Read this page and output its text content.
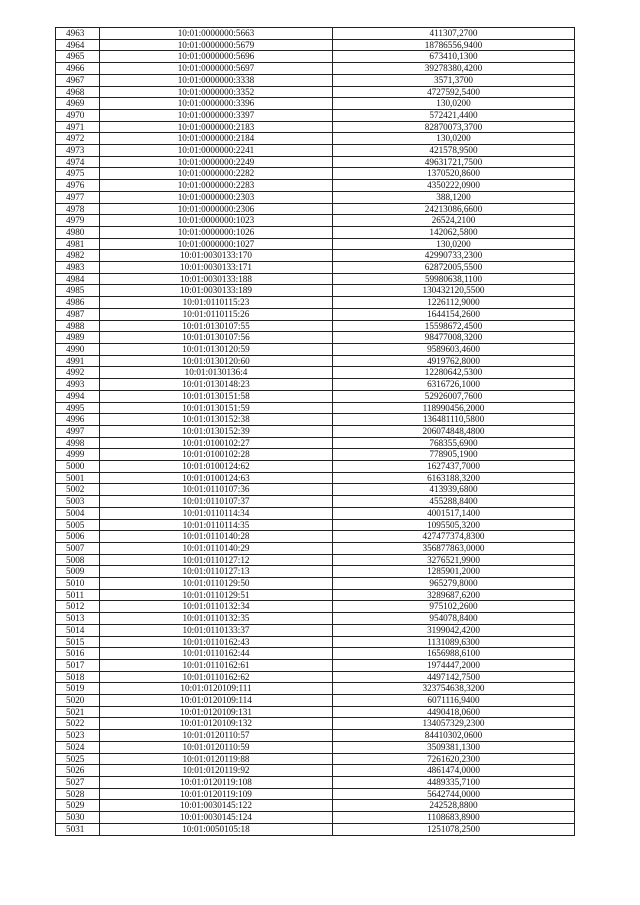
4963	10:01:0000000:5663	411307,2700
4964	10:01:0000000:5679	18786556,9400
4965	10:01:0000000:5696	673410,1300
4966	10:01:0000000:5697	39278380,4200
4967	10:01:0000000:3338	3571,3700
4968	10:01:0000000:3352	4727592,5400
4969	10:01:0000000:3396	130,0200
4970	10:01:0000000:3397	572421,4400
4971	10:01:0000000:2183	82870073,3700
4972	10:01:0000000:2184	130,0200
4973	10:01:0000000:2241	421578,9500
4974	10:01:0000000:2249	49631721,7500
4975	10:01:0000000:2282	1370520,8600
4976	10:01:0000000:2283	4350222,0900
4977	10:01:0000000:2303	388,1200
4978	10:01:0000000:2306	24213086,6600
4979	10:01:0000000:1023	26524,2100
4980	10:01:0000000:1026	142062,5800
4981	10:01:0000000:1027	130,0200
4982	10:01:0030133:170	42990733,2300
4983	10:01:0030133:171	62872005,5500
4984	10:01:0030133:188	59980638,1100
4985	10:01:0030133:189	130432120,5500
4986	10:01:0110115:23	1226112,9000
4987	10:01:0110115:26	1644154,2600
4988	10:01:0130107:55	15598672,4500
4989	10:01:0130107:56	98477008,3200
4990	10:01:0130120:59	9589603,4600
4991	10:01:0130120:60	4919762,8000
4992	10:01:0130136:4	12280642,5300
4993	10:01:0130148:23	6316726,1000
4994	10:01:0130151:58	52926007,7600
4995	10:01:0130151:59	118990456,2000
4996	10:01:0130152:38	136481110,5800
4997	10:01:0130152:39	206074848,4800
4998	10:01:0100102:27	768355,6900
4999	10:01:0100102:28	778905,1900
5000	10:01:0100124:62	1627437,7000
5001	10:01:0100124:63	6163188,3200
5002	10:01:0110107:36	413939,6800
5003	10:01:0110107:37	455288,8400
5004	10:01:0110114:34	4001517,1400
5005	10:01:0110114:35	1095505,3200
5006	10:01:0110140:28	427477374,8300
5007	10:01:0110140:29	356877863,0000
5008	10:01:0110127:12	3276521,9900
5009	10:01:0110127:13	1285901,2000
5010	10:01:0110129:50	965279,8000
5011	10:01:0110129:51	3289687,6200
5012	10:01:0110132:34	975102,2600
5013	10:01:0110132:35	954078,8400
5014	10:01:0110133:37	3199042,4200
5015	10:01:0110162:43	1131089,6300
5016	10:01:0110162:44	1656988,6100
5017	10:01:0110162:61	1974447,2000
5018	10:01:0110162:62	4497142,7500
5019	10:01:0120109:111	323754638,3200
5020	10:01:0120109:114	6071116,9400
5021	10:01:0120109:131	4490418,0600
5022	10:01:0120109:132	134057329,2300
5023	10:01:0120110:57	84410302,0600
5024	10:01:0120110:59	3509381,1300
5025	10:01:0120119:88	7261620,2300
5026	10:01:0120119:92	4861474,0000
5027	10:01:0120119:108	4489335,7100
5028	10:01:0120119:109	5642744,0000
5029	10:01:0030145:122	242528,8800
5030	10:01:0030145:124	1108683,8900
5031	10:01:0050105:18	1251078,2500
